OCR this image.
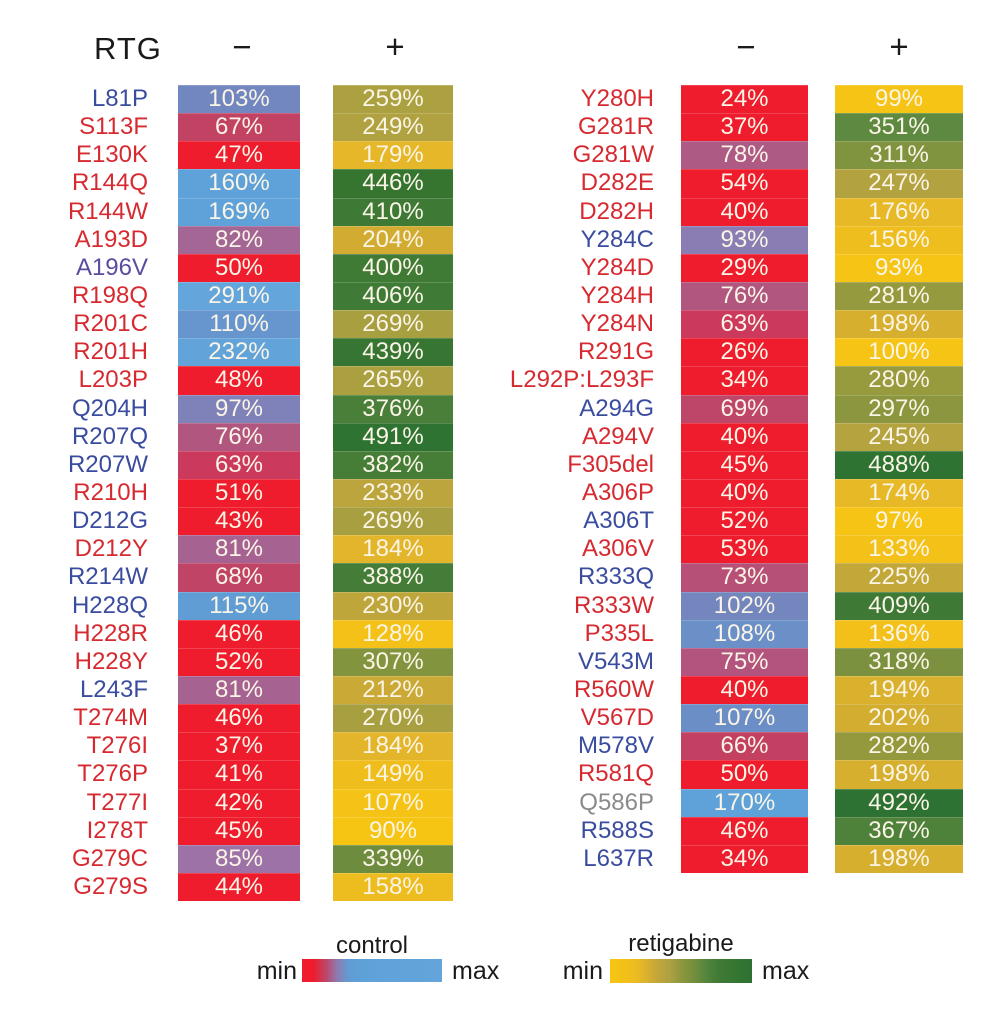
RTG	−	+	−	+
L81P	103%	259%
S113F	67%	249%
E130K	47%	179%
R144Q	160%	446%
R144W	169%	410%
A193D	82%	204%
A196V	50%	400%
R198Q	291%	406%
R201C	110%	269%
R201H	232%	439%
L203P	48%	265%
Q204H	97%	376%
R207Q	76%	491%
R207W	63%	382%
R210H	51%	233%
D212G	43%	269%
D212Y	81%	184%
R214W	68%	388%
H228Q	115%	230%
H228R	46%	128%
H228Y	52%	307%
L243F	81%	212%
T274M	46%	270%
T276I	37%	184%
T276P	41%	149%
T277I	42%	107%
I278T	45%	90%
G279C	85%	339%
G279S	44%	158%
Y280H	24%	99%
G281R	37%	351%
G281W	78%	311%
D282E	54%	247%
D282H	40%	176%
Y284C	93%	156%
Y284D	29%	93%
Y284H	76%	281%
Y284N	63%	198%
R291G	26%	100%
L292P:L293F	34%	280%
A294G	69%	297%
A294V	40%	245%
F305del	45%	488%
A306P	40%	174%
A306T	52%	97%
A306V	53%	133%
R333Q	73%	225%
R333W	102%	409%
P335L	108%	136%
V543M	75%	318%
R560W	40%	194%
V567D	107%	202%
M578V	66%	282%
R581Q	50%	198%
Q586P	170%	492%
R588S	46%	367%
L637R	34%	198%
control
min	max
retigabine
min	max
